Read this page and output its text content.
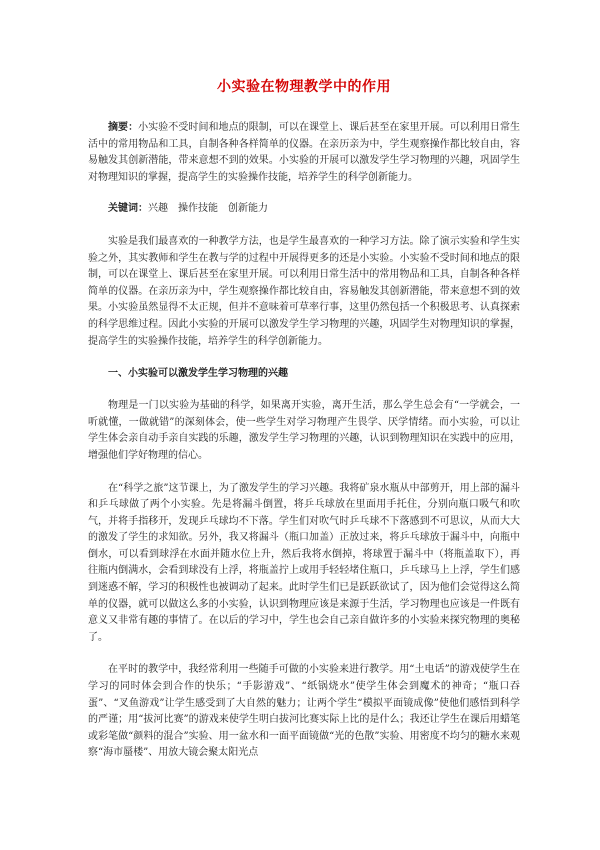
小实验在物理教学中的作用

摘要：小实验不受时间和地点的限制，可以在课堂上、课后甚至在家里开展。可以利用日常生活中的常用物品和工具，自制各种各样简单的仪器。在亲历亲为中，学生观察操作都比较自由，容易触发其创新潜能，带来意想不到的效果。小实验的开展可以激发学生学习物理的兴趣，巩固学生对物理知识的掌握，提高学生的实验操作技能，培养学生的科学创新能力。

关键词：兴趣 操作技能 创新能力

实验是我们最喜欢的一种教学方法，也是学生最喜欢的一种学习方法。除了演示实验和学生实验之外，其实教师和学生在教与学的过程中开展得更多的还是小实验。小实验不受时间和地点的限制，可以在课堂上、课后甚至在家里开展。可以利用日常生活中的常用物品和工具，自制各种各样简单的仪器。在亲历亲为中，学生观察操作都比较自由，容易触发其创新潜能，带来意想不到的效果。小实验虽然显得不太正规，但并不意味着可草率行事，这里仍然包括一个积极思考、认真探索的科学思维过程。因此小实验的开展可以激发学生学习物理的兴趣，巩固学生对物理知识的掌握，提高学生的实验操作技能，培养学生的科学创新能力。

一、小实验可以激发学生学习物理的兴趣

物理是一门以实验为基础的科学，如果离开实验，离开生活，那么学生总会有“一学就会，一听就懂，一做就错”的深刻体会，使一些学生对学习物理产生畏学、厌学情绪。而小实验，可以让学生体会亲自动手亲自实践的乐趣，激发学生学习物理的兴趣，认识到物理知识在实践中的应用，增强他们学好物理的信心。

在“科学之旅”这节课上，为了激发学生的学习兴趣。我将矿泉水瓶从中部剪开，用上部的漏斗和乒乓球做了两个小实验。先是将漏斗倒置，将乒乓球放在里面用手托住，分别向瓶口吸气和吹气，并将手指移开，发现乒乓球均不下落。学生们对吹气时乒乓球不下落感到不可思议，从而大大的激发了学生的求知欲。另外，我又将漏斗（瓶口加盖）正放过来，将乒乓球放于漏斗中，向瓶中倒水，可以看到球浮在水面并随水位上升，然后我将水倒掉，将球置于漏斗中（将瓶盖取下），再往瓶内倒满水，会看到球没有上浮，将瓶盖拧上或用手轻轻堵住瓶口，乒乓球马上上浮，学生们感到迷惑不解，学习的积极性也被调动了起来。此时学生们已是跃跃欲试了，因为他们会觉得这么简单的仪器，就可以做这么多的小实验，认识到物理应该是来源于生活，学习物理也应该是一件既有意义又非常有趣的事情了。在以后的学习中，学生也会自己亲自做许多的小实验来探究物理的奥秘了。

在平时的教学中，我经常利用一些随手可做的小实验来进行教学。用“土电话”的游戏使学生在学习的同时体会到合作的快乐；“手影游戏”、“纸锅烧水”使学生体会到魔术的神奇；“瓶口吞蛋”、“叉鱼游戏”让学生感受到了大自然的魅力；让两个学生“模拟平面镜成像”使他们感悟到科学的严谨；用“拔河比赛”的游戏来使学生明白拔河比赛实际上比的是什么；我还让学生在课后用蜡笔或彩笔做“颜料的混合”实验、用一盆水和一面平面镜做“光的色散”实验、用密度不均匀的糖水来观察“海市蜃楼”、用放大镜会聚太阳光点
